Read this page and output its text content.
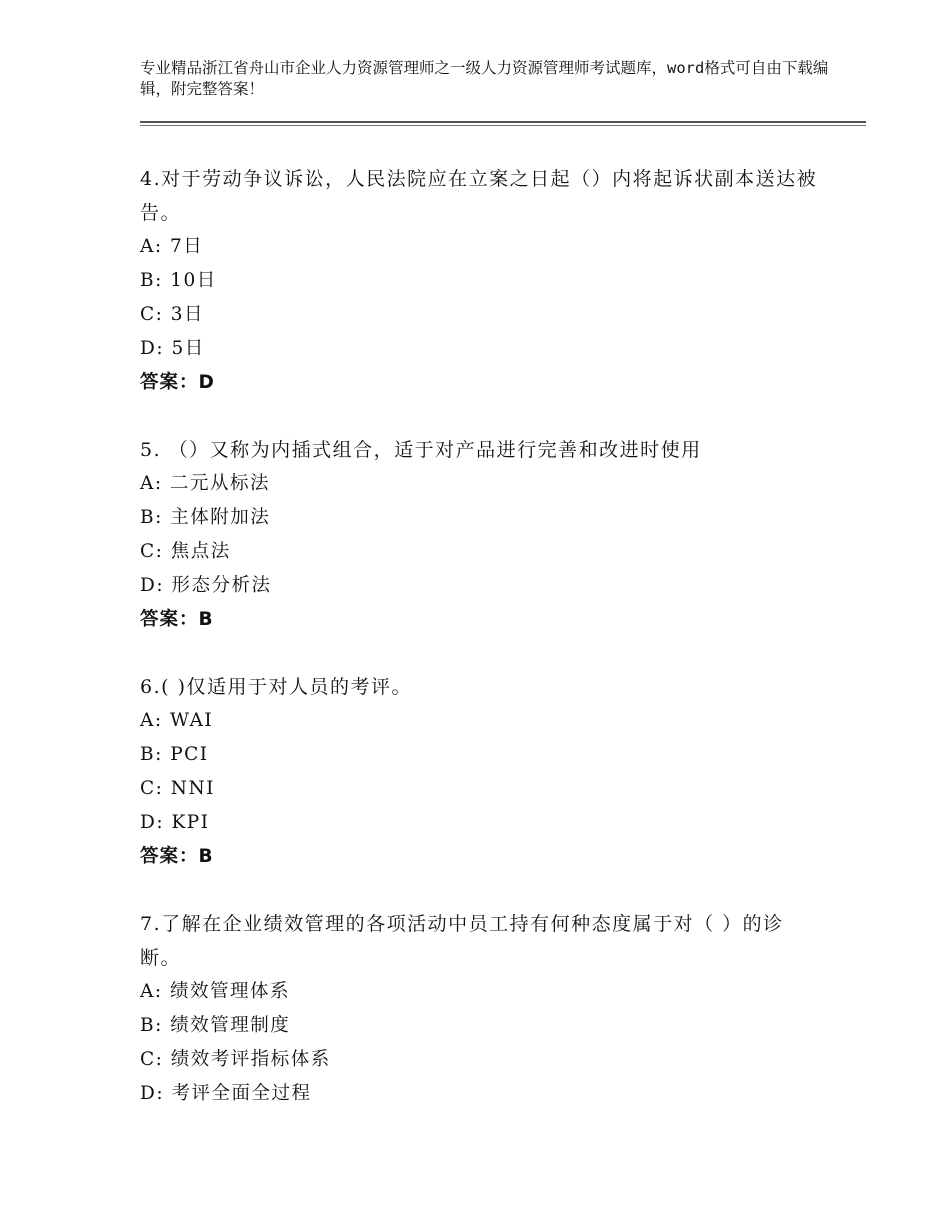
专业精品浙江省舟山市企业人力资源管理师之一级人力资源管理师考试题库，word格式可自由下载编辑，附完整答案！
4.对于劳动争议诉讼，人民法院应在立案之日起（）内将起诉状副本送达被告。
A: 7日
B: 10日
C: 3日
D: 5日
答案：D
5. （）又称为内插式组合，适于对产品进行完善和改进时使用
A: 二元从标法
B: 主体附加法
C: 焦点法
D: 形态分析法
答案：B
6.( )仅适用于对人员的考评。
A: WAI
B: PCI
C: NNI
D: KPI
答案：B
7.了解在企业绩效管理的各项活动中员工持有何种态度属于对（ ）的诊断。
A: 绩效管理体系
B: 绩效管理制度
C: 绩效考评指标体系
D: 考评全面全过程
